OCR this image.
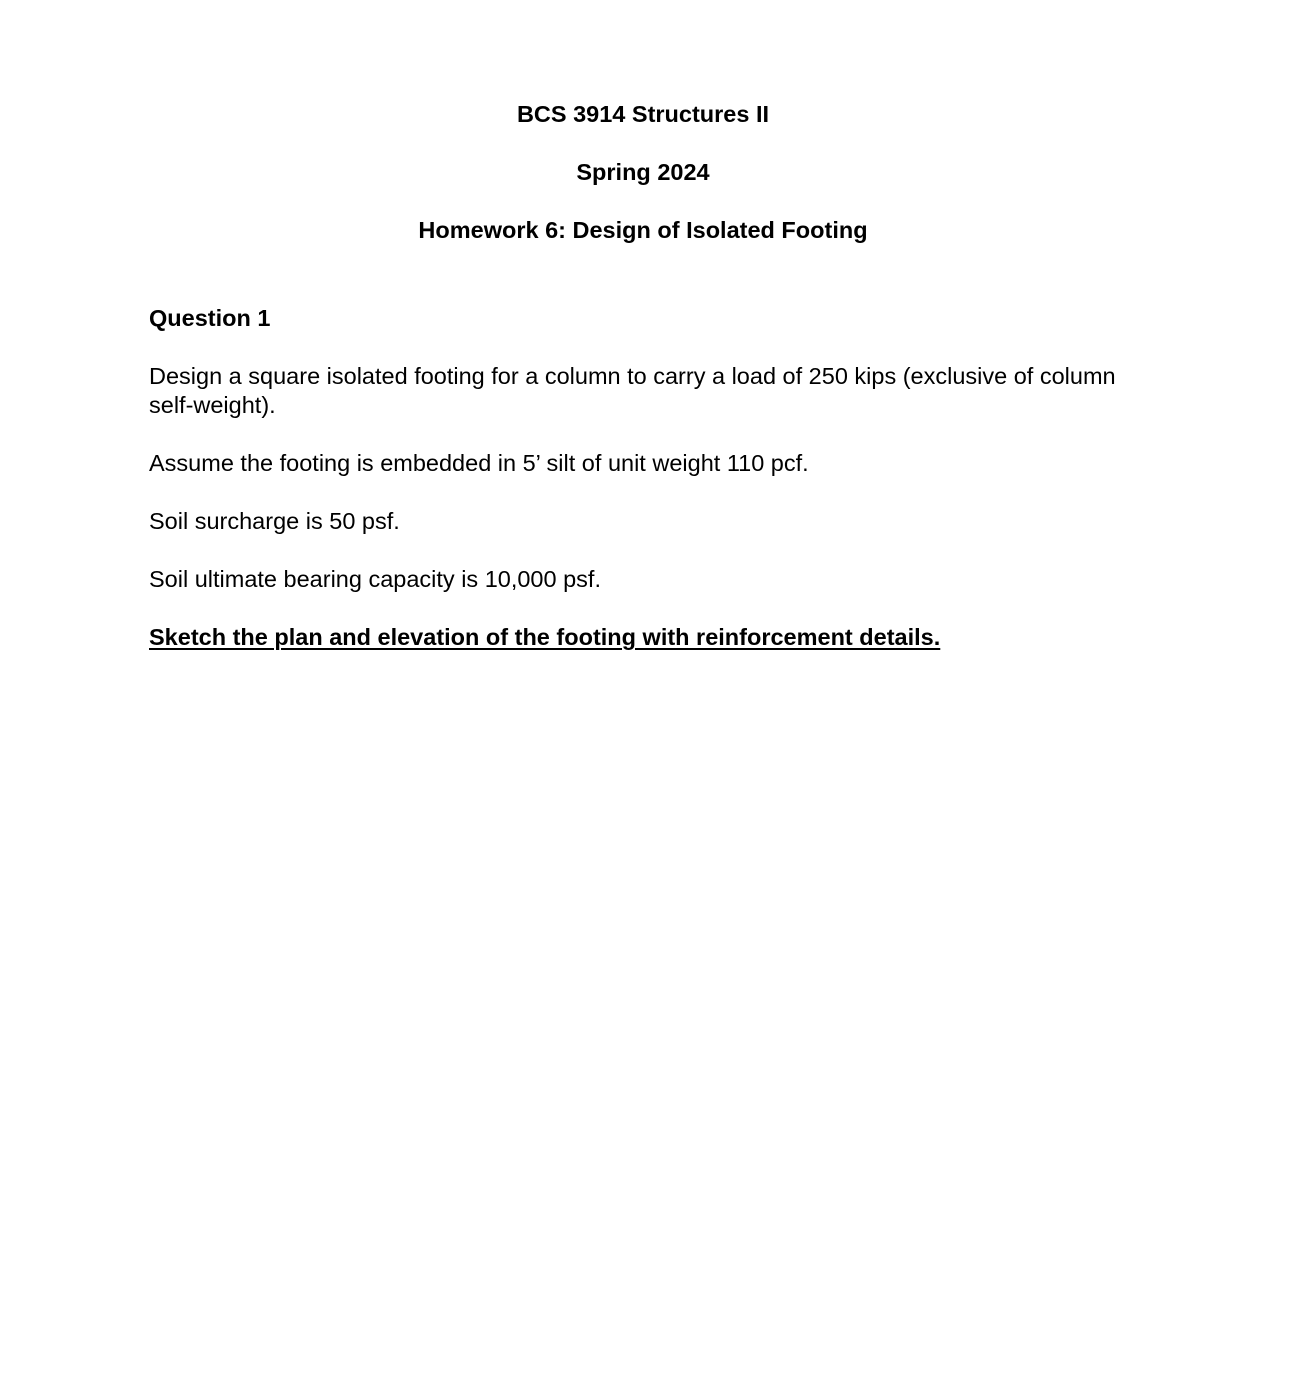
BCS 3914 Structures II
Spring 2024
Homework 6: Design of Isolated Footing
Question 1
Design a square isolated footing for a column to carry a load of 250 kips (exclusive of column self-weight).
Assume the footing is embedded in 5’ silt of unit weight 110 pcf.
Soil surcharge is 50 psf.
Soil ultimate bearing capacity is 10,000 psf.
Sketch the plan and elevation of the footing with reinforcement details.
